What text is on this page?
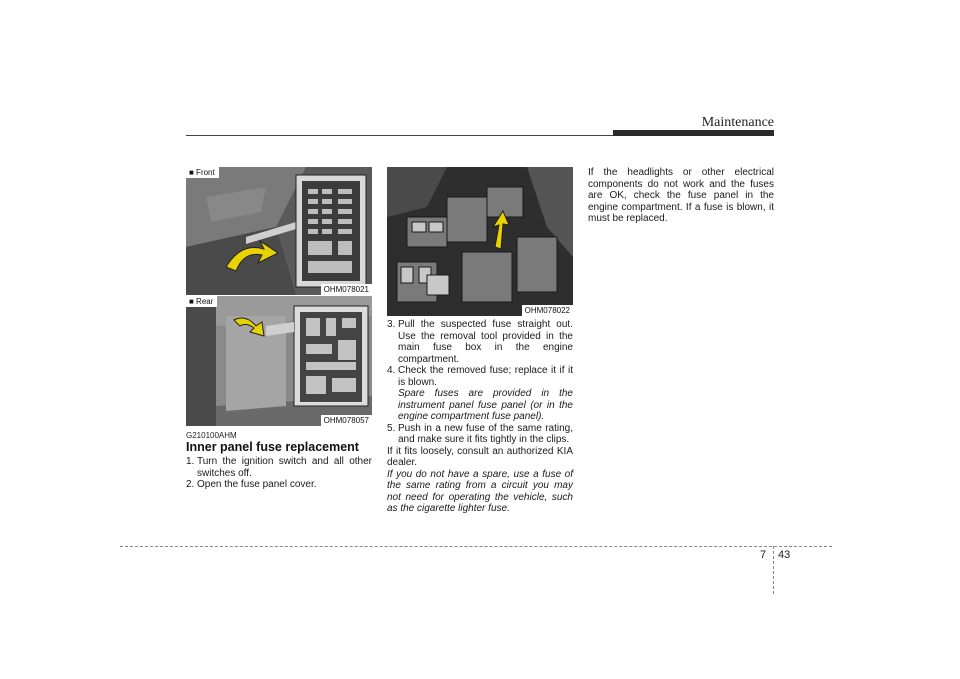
Maintenance
■ Front
OHM078021
■ Rear
OHM078057
OHM078022
G210100AHM
Inner panel fuse replacement
1. Turn the ignition switch and all other switches off.
2. Open the fuse panel cover.
3. Pull the suspected fuse straight out. Use the removal tool provided in the main fuse box in the engine compartment.
4. Check the removed fuse; replace it if it is blown.
Spare fuses are provided in the instrument panel fuse panel (or in the engine compartment fuse panel).
5. Push in a new fuse of the same rating, and make sure it fits tightly in the clips.

If it fits loosely, consult an authorized KIA dealer.

If you do not have a spare, use a fuse of the same rating from a circuit you may not need for operating the vehicle, such as the cigarette lighter fuse.

If the headlights or other electrical components do not work and the fuses are OK, check the fuse panel in the engine compartment. If a fuse is blown, it must be replaced.
7 43
